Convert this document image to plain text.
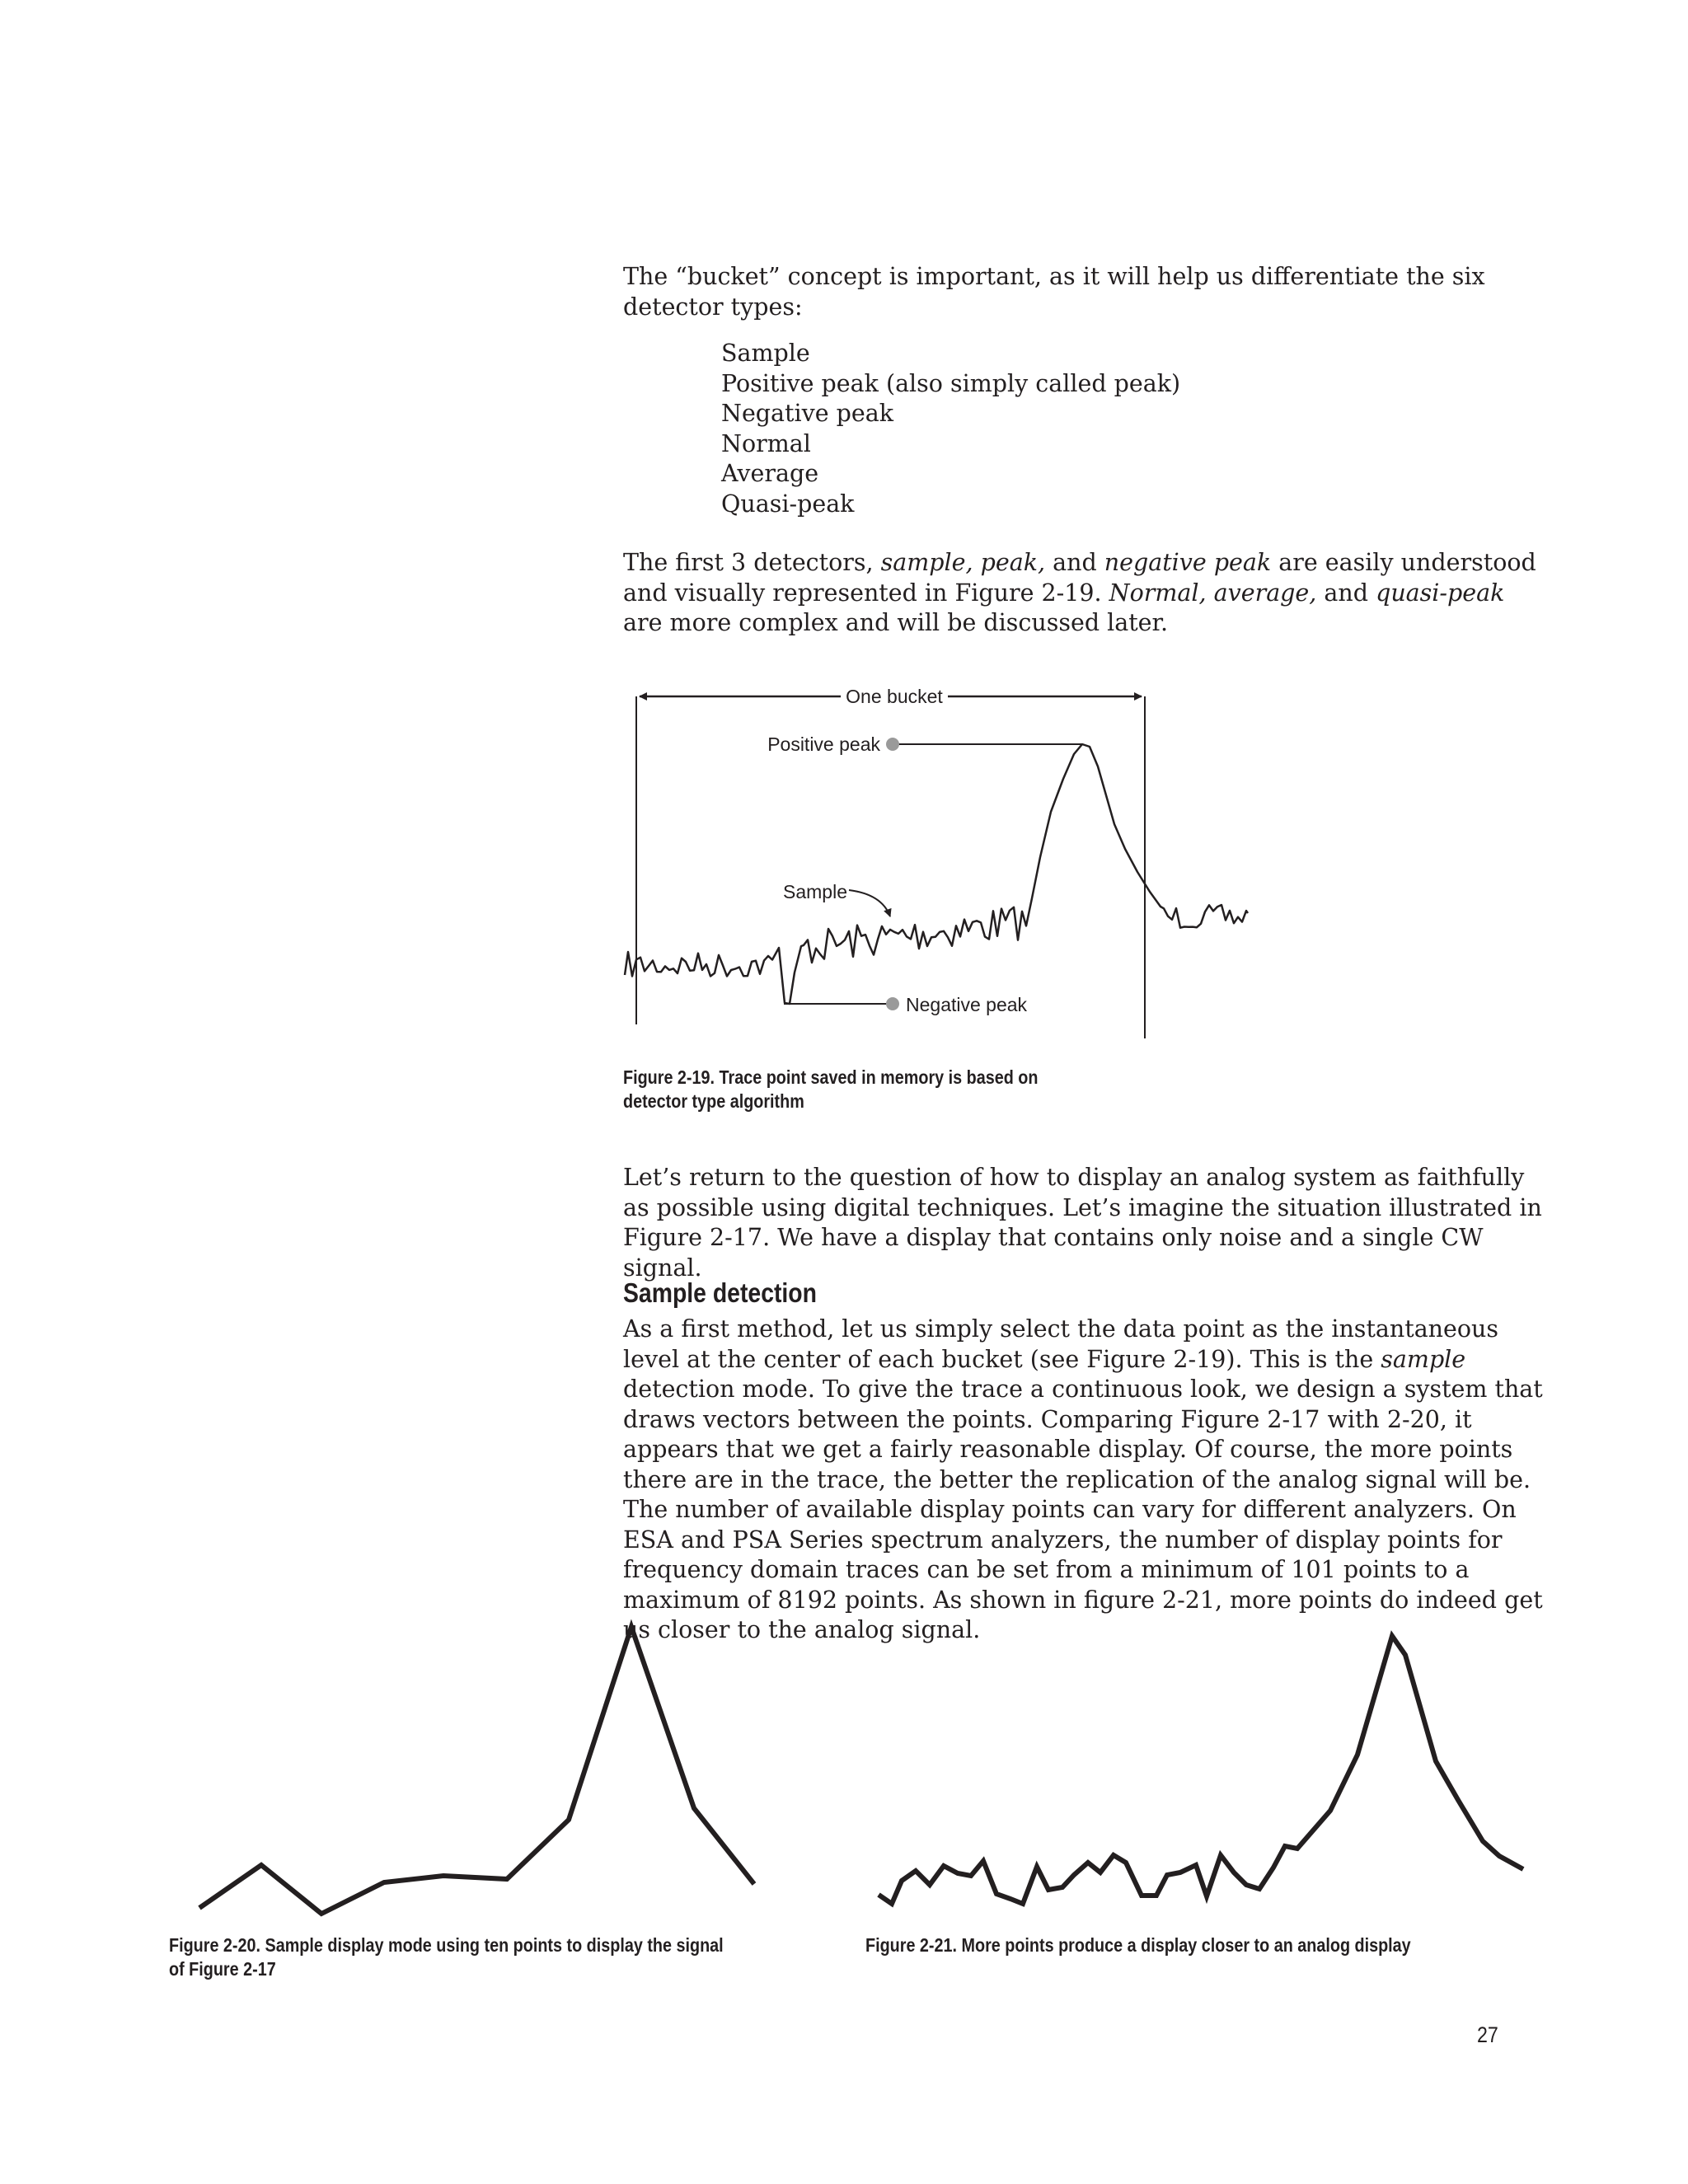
The “bucket” concept is important, as it will help us differentiate the six detector types:

Sample
Positive peak (also simply called peak)
Negative peak
Normal
Average
Quasi-peak

The first 3 detectors, sample, peak, and negative peak are easily understood and visually represented in Figure 2-19. Normal, average, and quasi-peak are more complex and will be discussed later.

One bucket
Positive peak
Sample
Negative peak

Figure 2-19. Trace point saved in memory is based on
detector type algorithm

Let’s return to the question of how to display an analog system as faithfully as possible using digital techniques. Let’s imagine the situation illustrated in Figure 2-17. We have a display that contains only noise and a single CW signal.

Sample detection

As a first method, let us simply select the data point as the instantaneous level at the center of each bucket (see Figure 2-19). This is the sample detection mode. To give the trace a continuous look, we design a system that draws vectors between the points. Comparing Figure 2-17 with 2-20, it appears that we get a fairly reasonable display. Of course, the more points there are in the trace, the better the replication of the analog signal will be. The number of available display points can vary for different analyzers. On ESA and PSA Series spectrum analyzers, the number of display points for frequency domain traces can be set from a minimum of 101 points to a maximum of 8192 points. As shown in figure 2-21, more points do indeed get us closer to the analog signal.

Figure 2-20. Sample display mode using ten points to display the signal
of Figure 2-17

Figure 2-21. More points produce a display closer to an analog display

27
